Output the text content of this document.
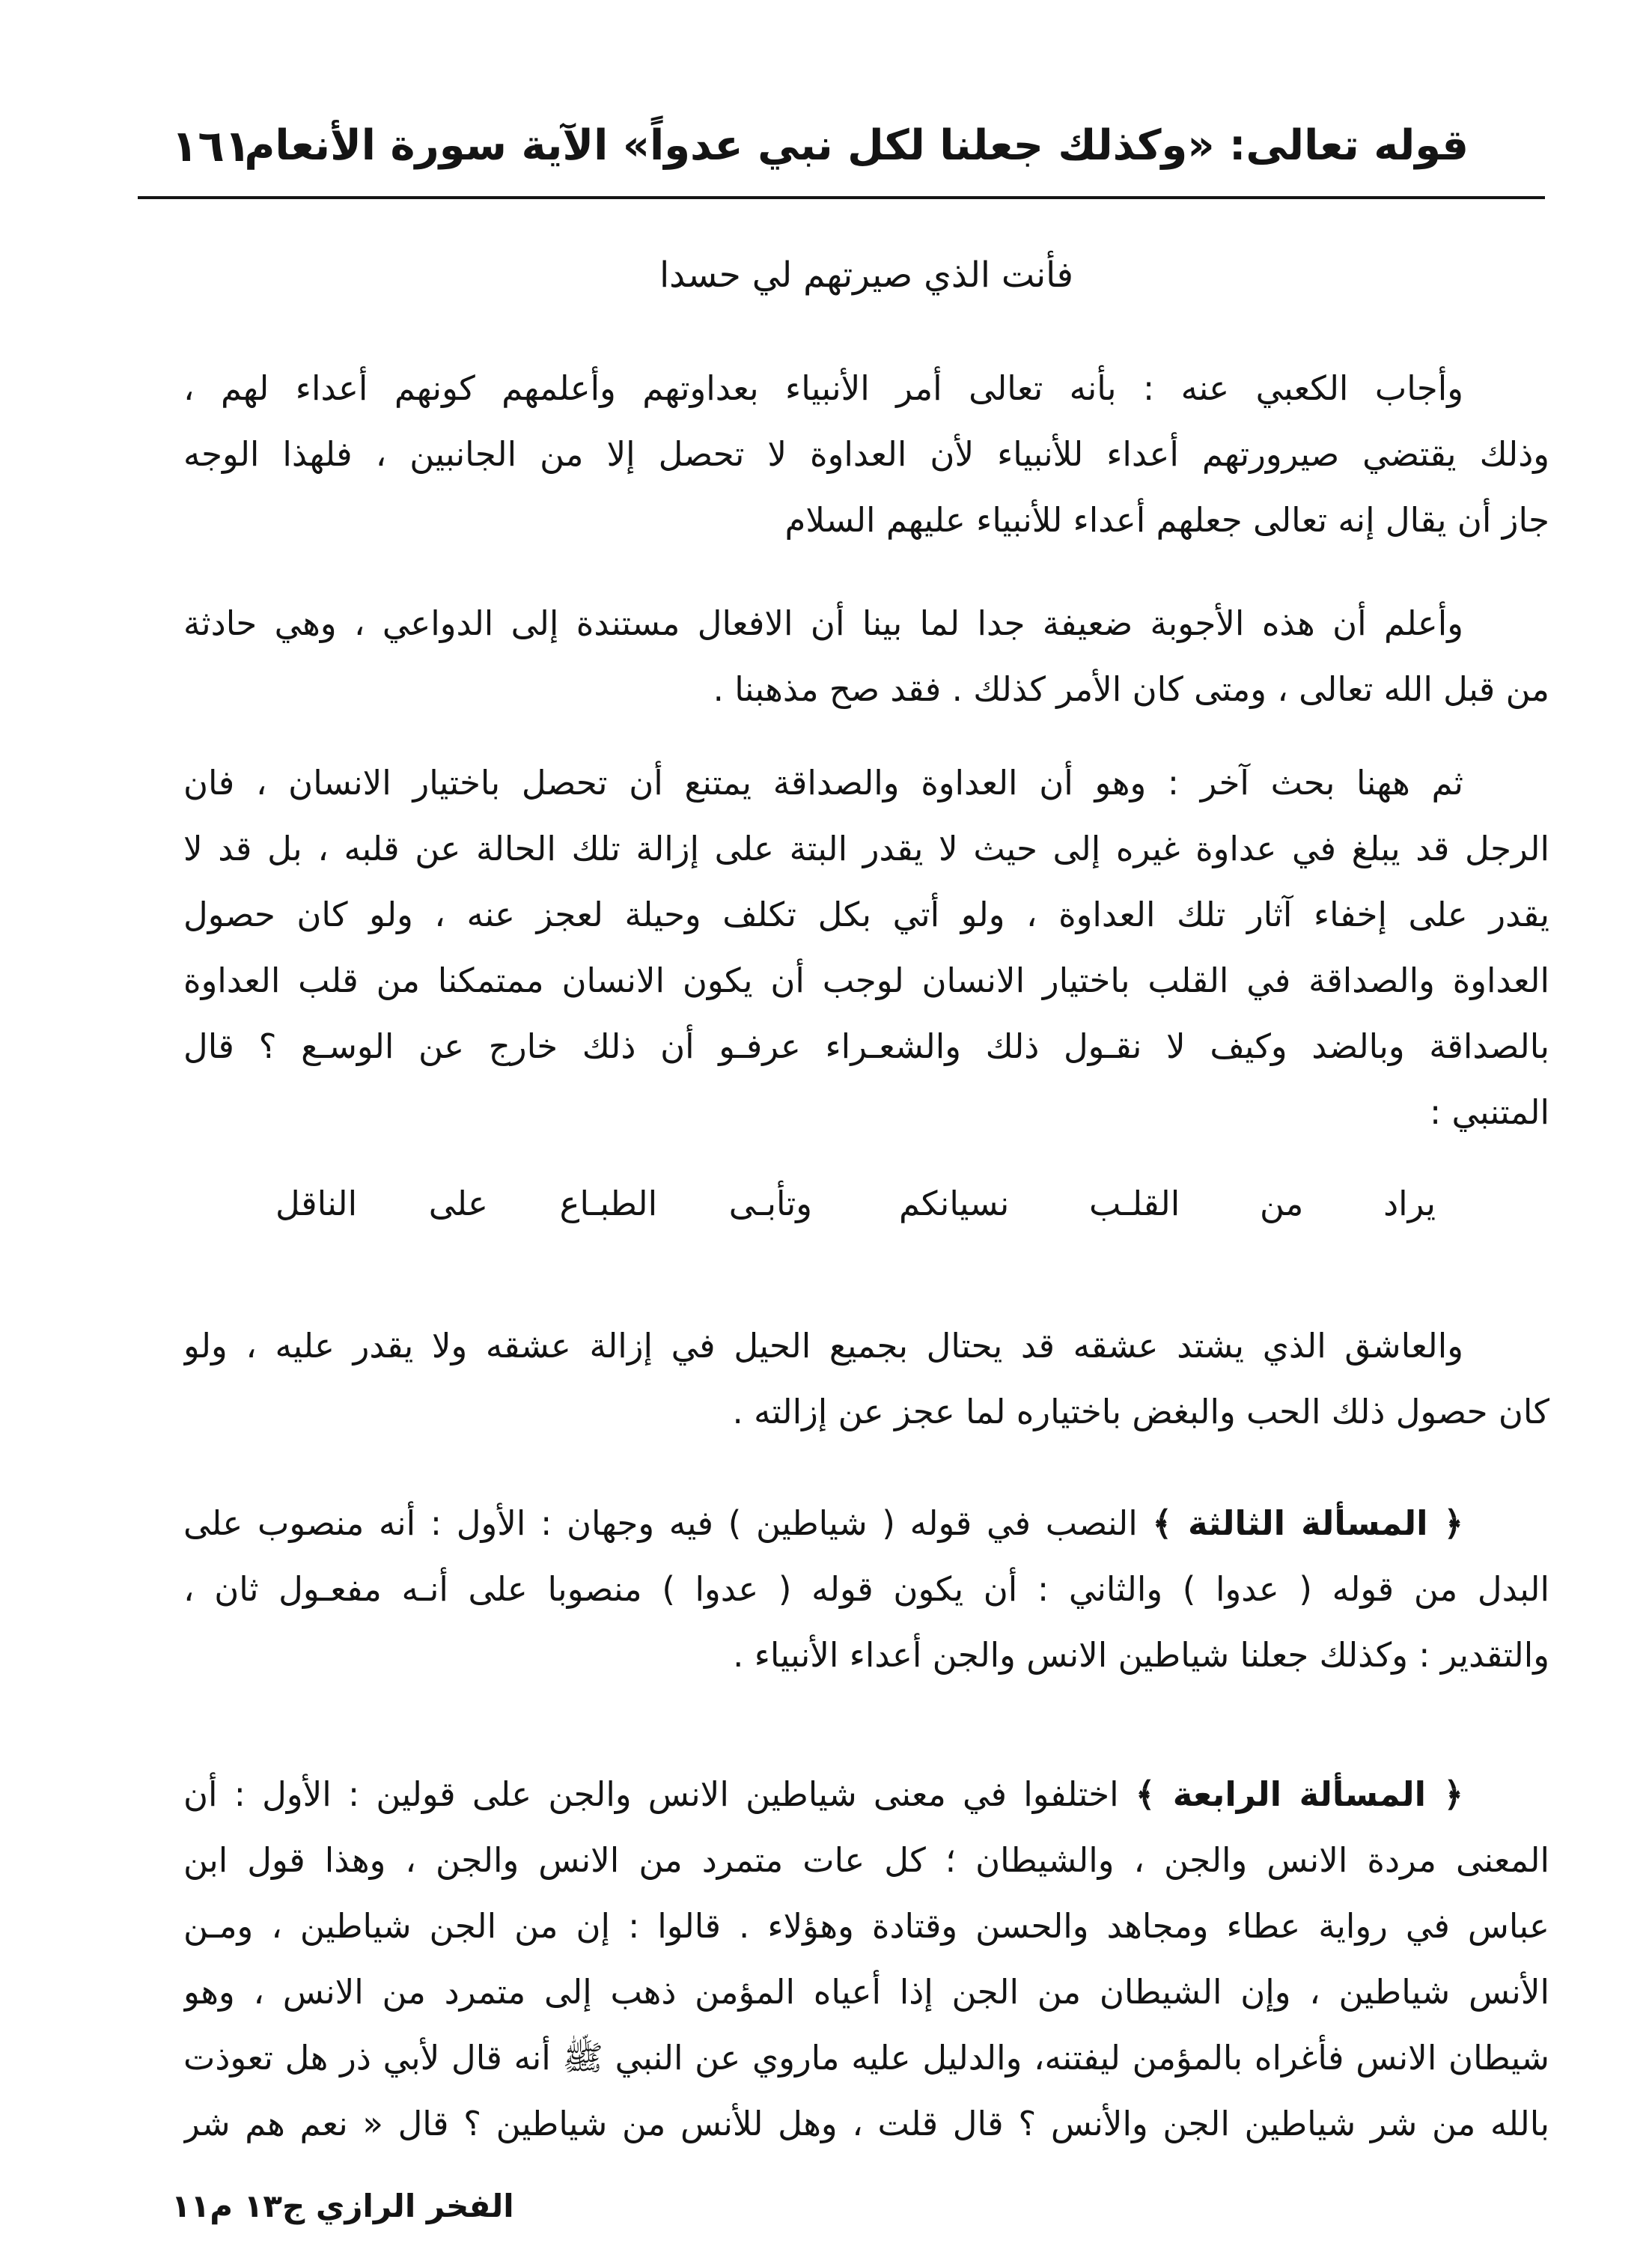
قوله تعالى: «وكذلك جعلنا لكل نبي عدواً» الآية سورة الأنعام
١٦١
فأنت الذي صيرتهم لي حسدا
وأجاب الكعبي عنه : بأنه تعالى أمر الأنبياء بعداوتهم وأعلمهم كونهم أعداء لهم ،
وذلك يقتضي صيرورتهم أعداء للأنبياء لأن العداوة لا تحصل إلا من الجانبين ، فلهذا الوجه
جاز أن يقال إنه تعالى جعلهم أعداء للأنبياء عليهم السلام
وأعلم أن هذه الأجوبة ضعيفة جدا لما بينا أن الافعال مستندة إلى الدواعي ، وهي حادثة
من قبل الله تعالى ، ومتى كان الأمر كذلك . فقد صح مذهبنا .
ثم ههنا بحث آخر : وهو أن العداوة والصداقة يمتنع أن تحصل باختيار الانسان ، فان
الرجل قد يبلغ في عداوة غيره إلى حيث لا يقدر البتة على إزالة تلك الحالة عن قلبه ، بل قد لا
يقدر على إخفاء آثار تلك العداوة ، ولو أتي بكل تكلف وحيلة لعجز عنه ، ولو كان حصول
العداوة والصداقة في القلب باختيار الانسان لوجب أن يكون الانسان ممتمكنا من قلب العداوة
بالصداقة وبالضد وكيف لا نقـول ذلك والشعـراء عرفـو أن ذلك خارج عن الوسـع ؟ قال
المتنبي :
يراد من القلـب نسيانكم
وتأبـى الطبـاع على الناقل
والعاشق الذي يشتد عشقه قد يحتال بجميع الحيل في إزالة عشقه ولا يقدر عليه ، ولو
كان حصول ذلك الحب والبغض باختياره لما عجز عن إزالته .
﴿ المسألة الثالثة ﴾ النصب في قوله ( شياطين ) فيه وجهان : الأول : أنه منصوب على
البدل من قوله ( عدوا ) والثاني : أن يكون قوله ( عدوا ) منصوبا على أنـه مفعـول ثان ،
والتقدير : وكذلك جعلنا شياطين الانس والجن أعداء الأنبياء .
﴿ المسألة الرابعة ﴾ اختلفوا في معنى شياطين الانس والجن على قولين : الأول : أن
المعنى مردة الانس والجن ، والشيطان ؛ كل عات متمرد من الانس والجن ، وهذا قول ابن
عباس في رواية عطاء ومجاهد والحسن وقتادة وهؤلاء . قالوا : إن من الجن شياطين ، ومـن
الأنس شياطين ، وإن الشيطان من الجن إذا أعياه المؤمن ذهب إلى متمرد من الانس ، وهو
شيطان الانس فأغراه بالمؤمن ليفتنه، والدليل عليه ماروي عن النبي ﷺ أنه قال لأبي ذر هل تعوذت
بالله من شر شياطين الجن والأنس ؟ قال قلت ، وهل للأنس من شياطين ؟ قال « نعم هم شر
الفخر الرازي ج١٣ م١١
